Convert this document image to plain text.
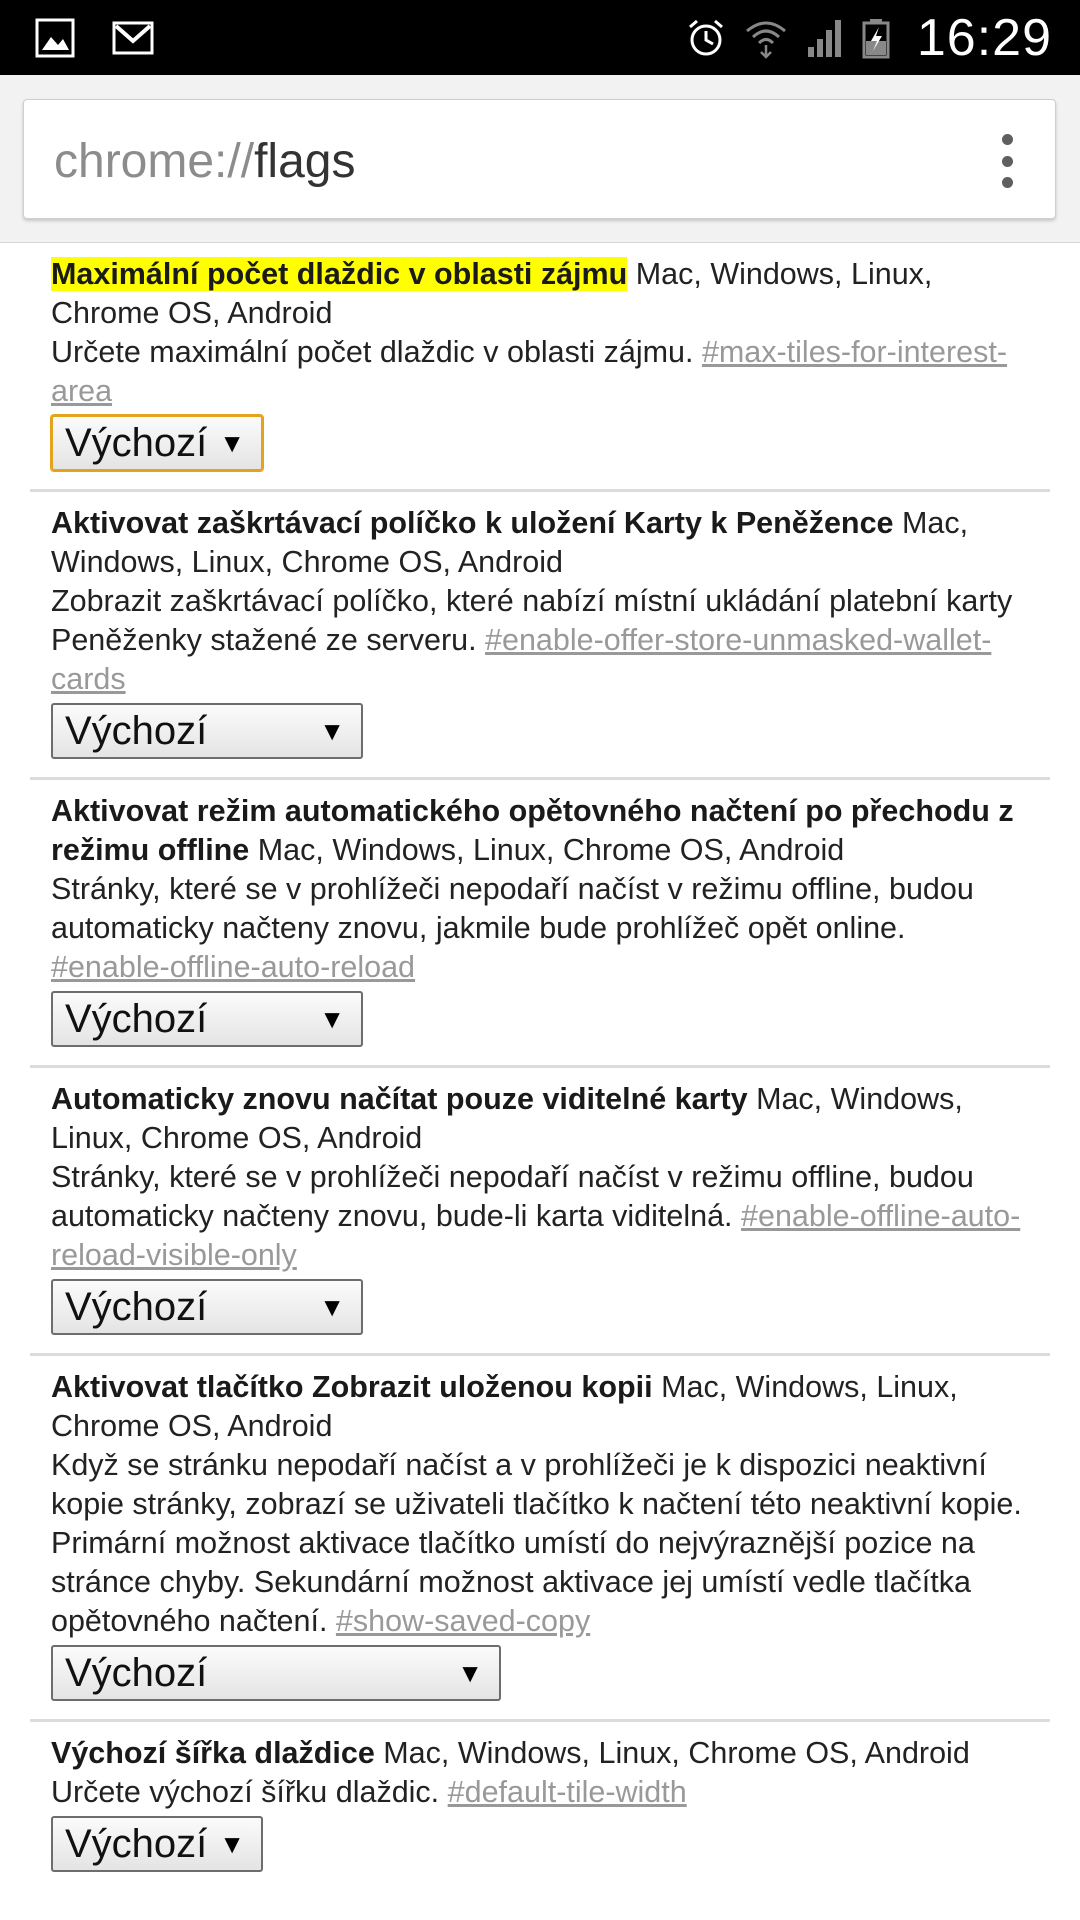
16:29
chrome://flags
Maximální počet dlaždic v oblasti zájmu Mac, Windows, Linux, Chrome OS, Android
Určete maximální počet dlaždic v oblasti zájmu. #max-tiles-for-interest-area
Výchozí ▼
Aktivovat zaškrtávací políčko k uložení Karty k Peněžence Mac, Windows, Linux, Chrome OS, Android
Zobrazit zaškrtávací políčko, které nabízí místní ukládání platební karty Peněženky stažené ze serveru. #enable-offer-store-unmasked-wallet-cards
Výchozí	▼
Aktivovat režim automatického opětovného načtení po přechodu z režimu offline Mac, Windows, Linux, Chrome OS, Android
Stránky, které se v prohlížeči nepodaří načíst v režimu offline, budou automaticky načteny znovu, jakmile bude prohlížeč opět online. #enable-offline-auto-reload
Výchozí	▼
Automaticky znovu načítat pouze viditelné karty Mac, Windows, Linux, Chrome OS, Android
Stránky, které se v prohlížeči nepodaří načíst v režimu offline, budou automaticky načteny znovu, bude-li karta viditelná. #enable-offline-auto-reload-visible-only
Výchozí	▼
Aktivovat tlačítko Zobrazit uloženou kopii Mac, Windows, Linux, Chrome OS, Android
Když se stránku nepodaří načíst a v prohlížeči je k dispozici neaktivní kopie stránky, zobrazí se uživateli tlačítko k načtení této neaktivní kopie. Primární možnost aktivace tlačítko umístí do nejvýraznější pozice na stránce chyby. Sekundární možnost aktivace jej umístí vedle tlačítka opětovného načtení. #show-saved-copy
Výchozí	▼
Výchozí šířka dlaždice Mac, Windows, Linux, Chrome OS, Android
Určete výchozí šířku dlaždic. #default-tile-width
Výchozí ▼
